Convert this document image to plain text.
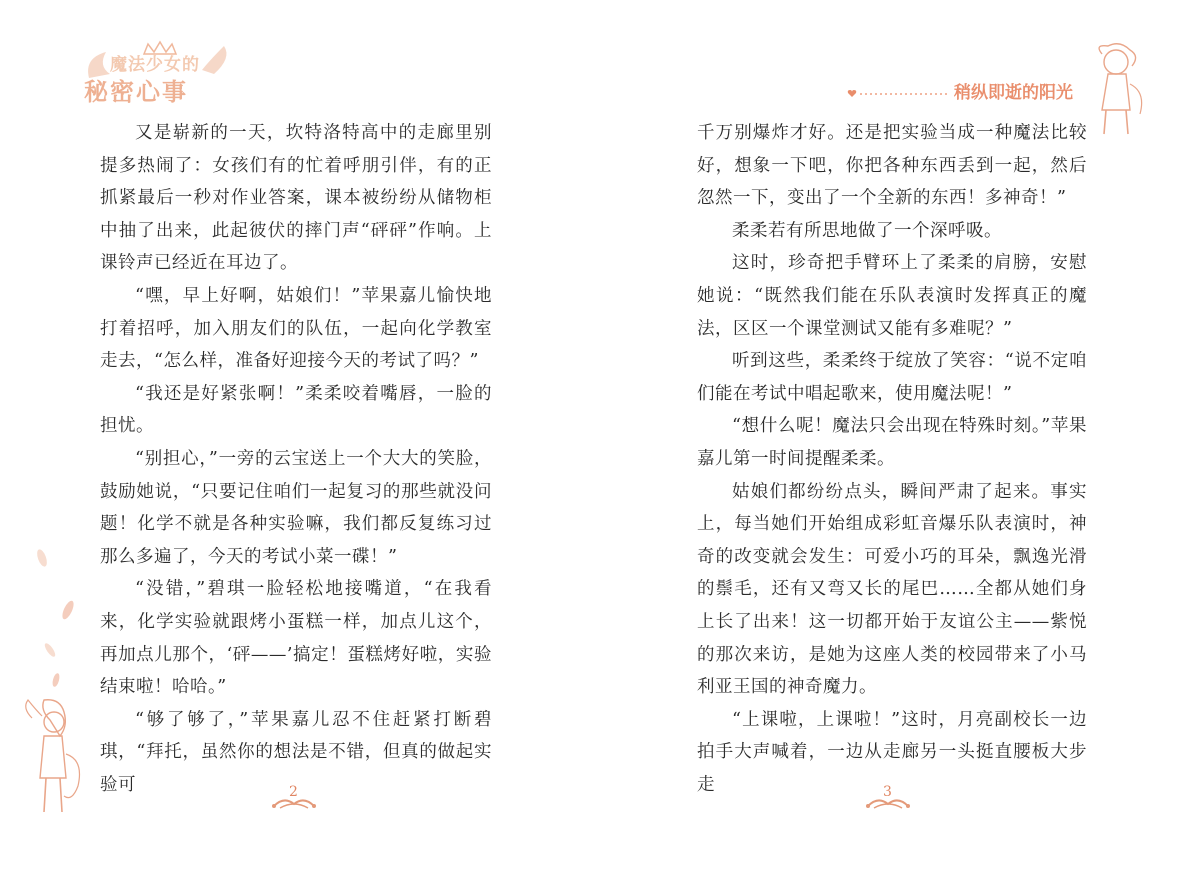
魔法少女的
秘密心事

又是崭新的一天，坎特洛特高中的走廊里别提多热闹了：女孩们有的忙着呼朋引伴，有的正抓紧最后一秒对作业答案，课本被纷纷从储物柜中抽了出来，此起彼伏的摔门声“砰砰”作响。上课铃声已经近在耳边了。

“嘿，早上好啊，姑娘们！”苹果嘉儿愉快地打着招呼，加入朋友们的队伍，一起向化学教室走去，“怎么样，准备好迎接今天的考试了吗？”

“我还是好紧张啊！”柔柔咬着嘴唇，一脸的担忧。

“别担心，”一旁的云宝送上一个大大的笑脸，鼓励她说，“只要记住咱们一起复习的那些就没问题！化学不就是各种实验嘛，我们都反复练习过那么多遍了，今天的考试小菜一碟！”

“没错，”碧琪一脸轻松地接嘴道，“在我看来，化学实验就跟烤小蛋糕一样，加点儿这个，再加点儿那个，‘砰——’搞定！蛋糕烤好啦，实验结束啦！哈哈。”

“够了够了，”苹果嘉儿忍不住赶紧打断碧琪，“拜托，虽然你的想法是不错，但真的做起实验可	2
稍纵即逝的阳光

千万别爆炸才好。还是把实验当成一种魔法比较好，想象一下吧，你把各种东西丢到一起，然后忽然一下，变出了一个全新的东西！多神奇！”

柔柔若有所思地做了一个深呼吸。

这时，珍奇把手臂环上了柔柔的肩膀，安慰她说：“既然我们能在乐队表演时发挥真正的魔法，区区一个课堂测试又能有多难呢？”

听到这些，柔柔终于绽放了笑容：“说不定咱们能在考试中唱起歌来，使用魔法呢！”

“想什么呢！魔法只会出现在特殊时刻。”苹果嘉儿第一时间提醒柔柔。

姑娘们都纷纷点头，瞬间严肃了起来。事实上，每当她们开始组成彩虹音爆乐队表演时，神奇的改变就会发生：可爱小巧的耳朵，飘逸光滑的鬃毛，还有又弯又长的尾巴……全都从她们身上长了出来！这一切都开始于友谊公主——紫悦的那次来访，是她为这座人类的校园带来了小马利亚王国的神奇魔力。

“上课啦，上课啦！”这时，月亮副校长一边拍手大声喊着，一边从走廊另一头挺直腰板大步走	3
